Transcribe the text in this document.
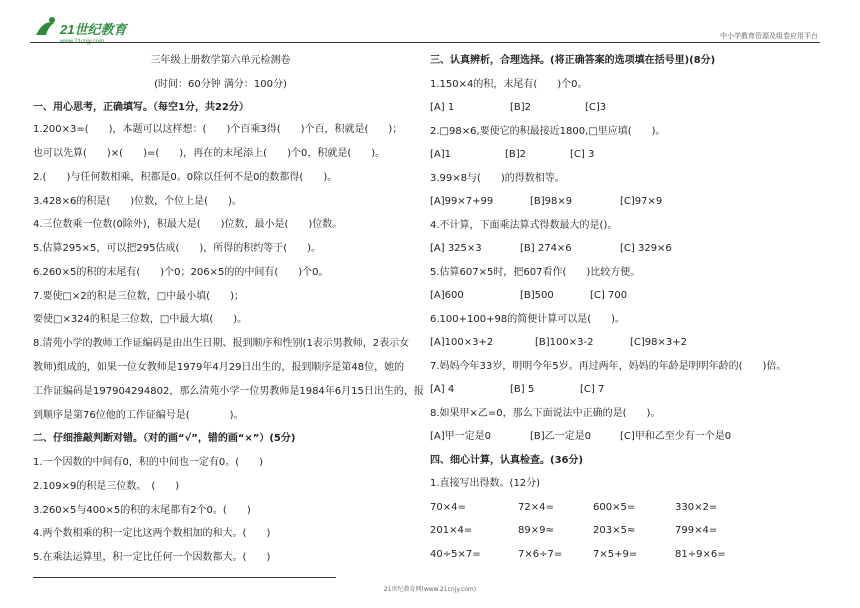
21世纪教育
www.21cnjy.com
中小学教育资源及组卷应用平台
三年级上册数学第六单元检测卷
(时间：60分钟 满分：100分)
一、用心思考，正确填写。（每空1分，共22分）
1.200×3=(　　)，本题可以这样想：(　　)个百乘3得(　　)个百，积就是(　　)；
也可以先算(　　)×(　　)=(　　)，再在的末尾添上(　　)个0，积就是(　　)。
2.(　　)与任何数相乘，积都是0。0除以任何不是0的数都得(　　)。
3.428×6的积是(　　)位数，个位上是(　　)。
4.三位数乘一位数(0除外)，积最大是(　　)位数，最小是(　　)位数。
5.估算295×5，可以把295估成(　　)，所得的积约等于(　　)。
6.260×5的积的末尾有(　　)个0；206×5的的中间有(　　)个0。
7.要使□×2的积是三位数，□中最小填(　　)；
要使□×324的积是三位数，□中最大填(　　)。
8.清苑小学的教师工作证编码是由出生日期、报到顺序和性别(1表示男教师，2表示女
教师)组成的，如果一位女教师是1979年4月29日出生的，报到顺序是第48位，她的
工作证编码是197904294802，那么清苑小学一位男教师是1984年6月15日出生的，报
到顺序是第76位他的工作证编号是(　　　　)。
二、仔细推敲判断对错。（对的画“√”，错的画“×”）(5分)
1.一个因数的中间有0，积的中间也一定有0。(　　)
2.109×9的积是三位数。　(　　)
3.260×5与400×5的积的末尾都有2个0。(　　)
4.两个数相乘的积一定比这两个数相加的和大。(　　)
5.在乘法运算里，积一定比任何一个因数都大。(　　)
三、认真辨析，合理选择。(将正确答案的选项填在括号里)(8分)
1.150×4的积，末尾有(　　)个0。
[A] 1	[B]2	[C]3
2.□98×6,要使它的积最接近1800,□里应填(　　)。
[A]1	[B]2	[C] 3
3.99×8与(　　)的得数相等。
[A]99×7+99	[B]98×9	[C]97×9
4.不计算，下面乘法算式得数最大的是()。
[A] 325×3	[B] 274×6	[C] 329×6
5.估算607×5时，把607看作(　　)比较方便。
[A]600	[B]500	[C] 700
6.100+100+98的简便计算可以是(　　)。
[A]100×3+2	[B]100×3-2	[C]98×3+2
7.妈妈今年33岁，明明今年5岁。再过两年，妈妈的年龄是明明年龄的(　　)倍。
[A] 4	[B] 5	[C] 7
8.如果甲×乙=0，那么下面说法中正确的是(　　)。
[A]甲一定是0	[B]乙一定是0	[C]甲和乙至少有一个是0
四、细心计算，认真检查。(36分)
1.直接写出得数。(12分)
70×4=	72×4=	600×5=	330×2=
201×4=	89×9≈	203×5≈	799×4=
40÷5×7=	7×6÷7=	7×5+9=	81÷9×6=
21世纪教育网(www.21cnjy.com)
